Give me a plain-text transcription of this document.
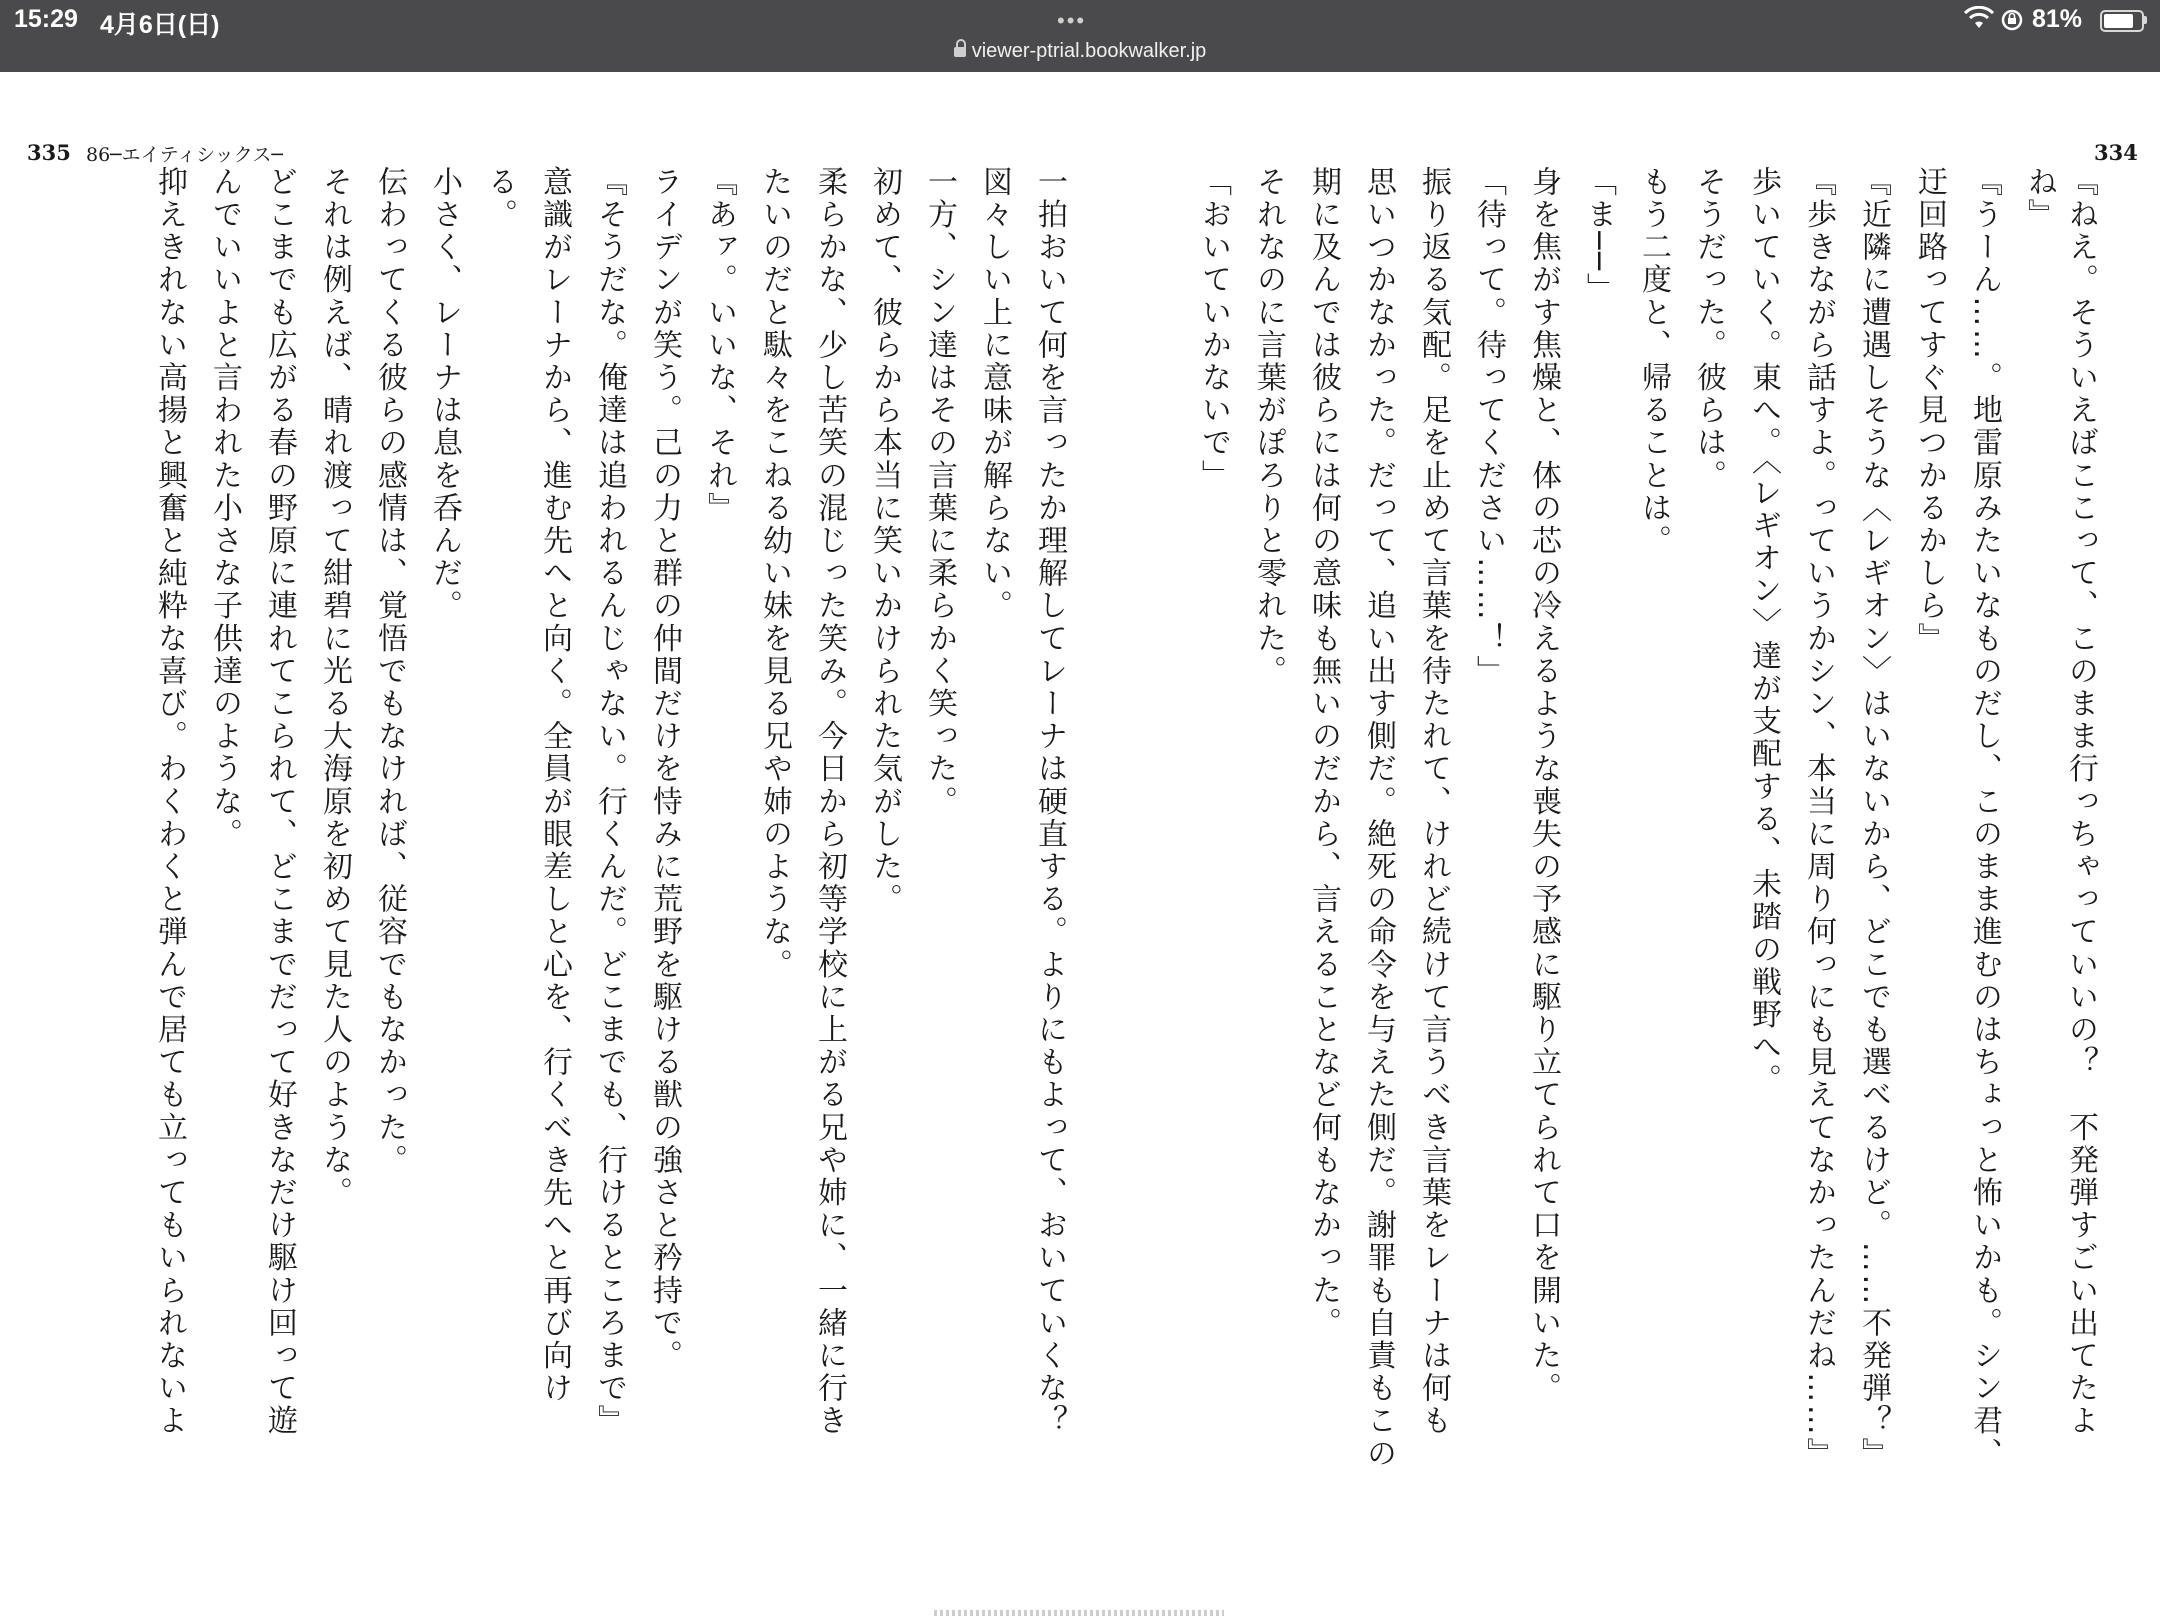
15:29 4月6日(日)	•••
viewer-ptrial.bookwalker.jp
81%
335 86─エイティシックス─	334
『ねえ。そういえばここって、このまま行っちゃっていいの？　不発弾すごい出てたよ
ね』
『うーん……。地雷原みたいなものだし、このまま進むのはちょっと怖いかも。シン君、
迂回路ってすぐ見つかるかしら』
『近隣に遭遇しそうな〈レギオン〉はいないから、どこでも選べるけど。……不発弾？』
『歩きながら話すよ。っていうかシン、本当に周り何っにも見えてなかったんだね……』
歩いていく。東へ。〈レギオン〉達が支配する、未踏の戦野へ。
そうだった。彼らは。
もう二度と、帰ることは。
「ま──」
身を焦がす焦燥と、体の芯の冷えるような喪失の予感に駆り立てられて口を開いた。
「待って。待ってください……！」
振り返る気配。足を止めて言葉を待たれて、けれど続けて言うべき言葉をレーナは何も
思いつかなかった。だって、追い出す側だ。絶死の命令を与えた側だ。謝罪も自責もこの
期に及んでは彼らには何の意味も無いのだから、言えることなど何もなかった。
それなのに言葉がぽろりと零れた。
「おいていかないで」
一拍おいて何を言ったか理解してレーナは硬直する。よりにもよって、おいていくな？
図々しい上に意味が解らない。
一方、シン達はその言葉に柔らかく笑った。
初めて、彼らから本当に笑いかけられた気がした。
柔らかな、少し苦笑の混じった笑み。今日から初等学校に上がる兄や姉に、一緒に行き
たいのだと駄々をこねる幼い妹を見る兄や姉のような。
『あァ。いいな、それ』
ライデンが笑う。己の力と群の仲間だけを恃みに荒野を駆ける獣の強さと矜持で。
『そうだな。俺達は追われるんじゃない。行くんだ。どこまでも、行けるところまで』
意識がレーナから、進む先へと向く。全員が眼差しと心を、行くべき先へと再び向け
る。
小さく、レーナは息を呑んだ。
伝わってくる彼らの感情は、覚悟でもなければ、従容でもなかった。
それは例えば、晴れ渡って紺碧に光る大海原を初めて見た人のような。
どこまでも広がる春の野原に連れてこられて、どこまでだって好きなだけ駆け回って遊
んでいいよと言われた小さな子供達のような。
抑えきれない高揚と興奮と純粋な喜び。わくわくと弾んで居ても立ってもいられないよ
